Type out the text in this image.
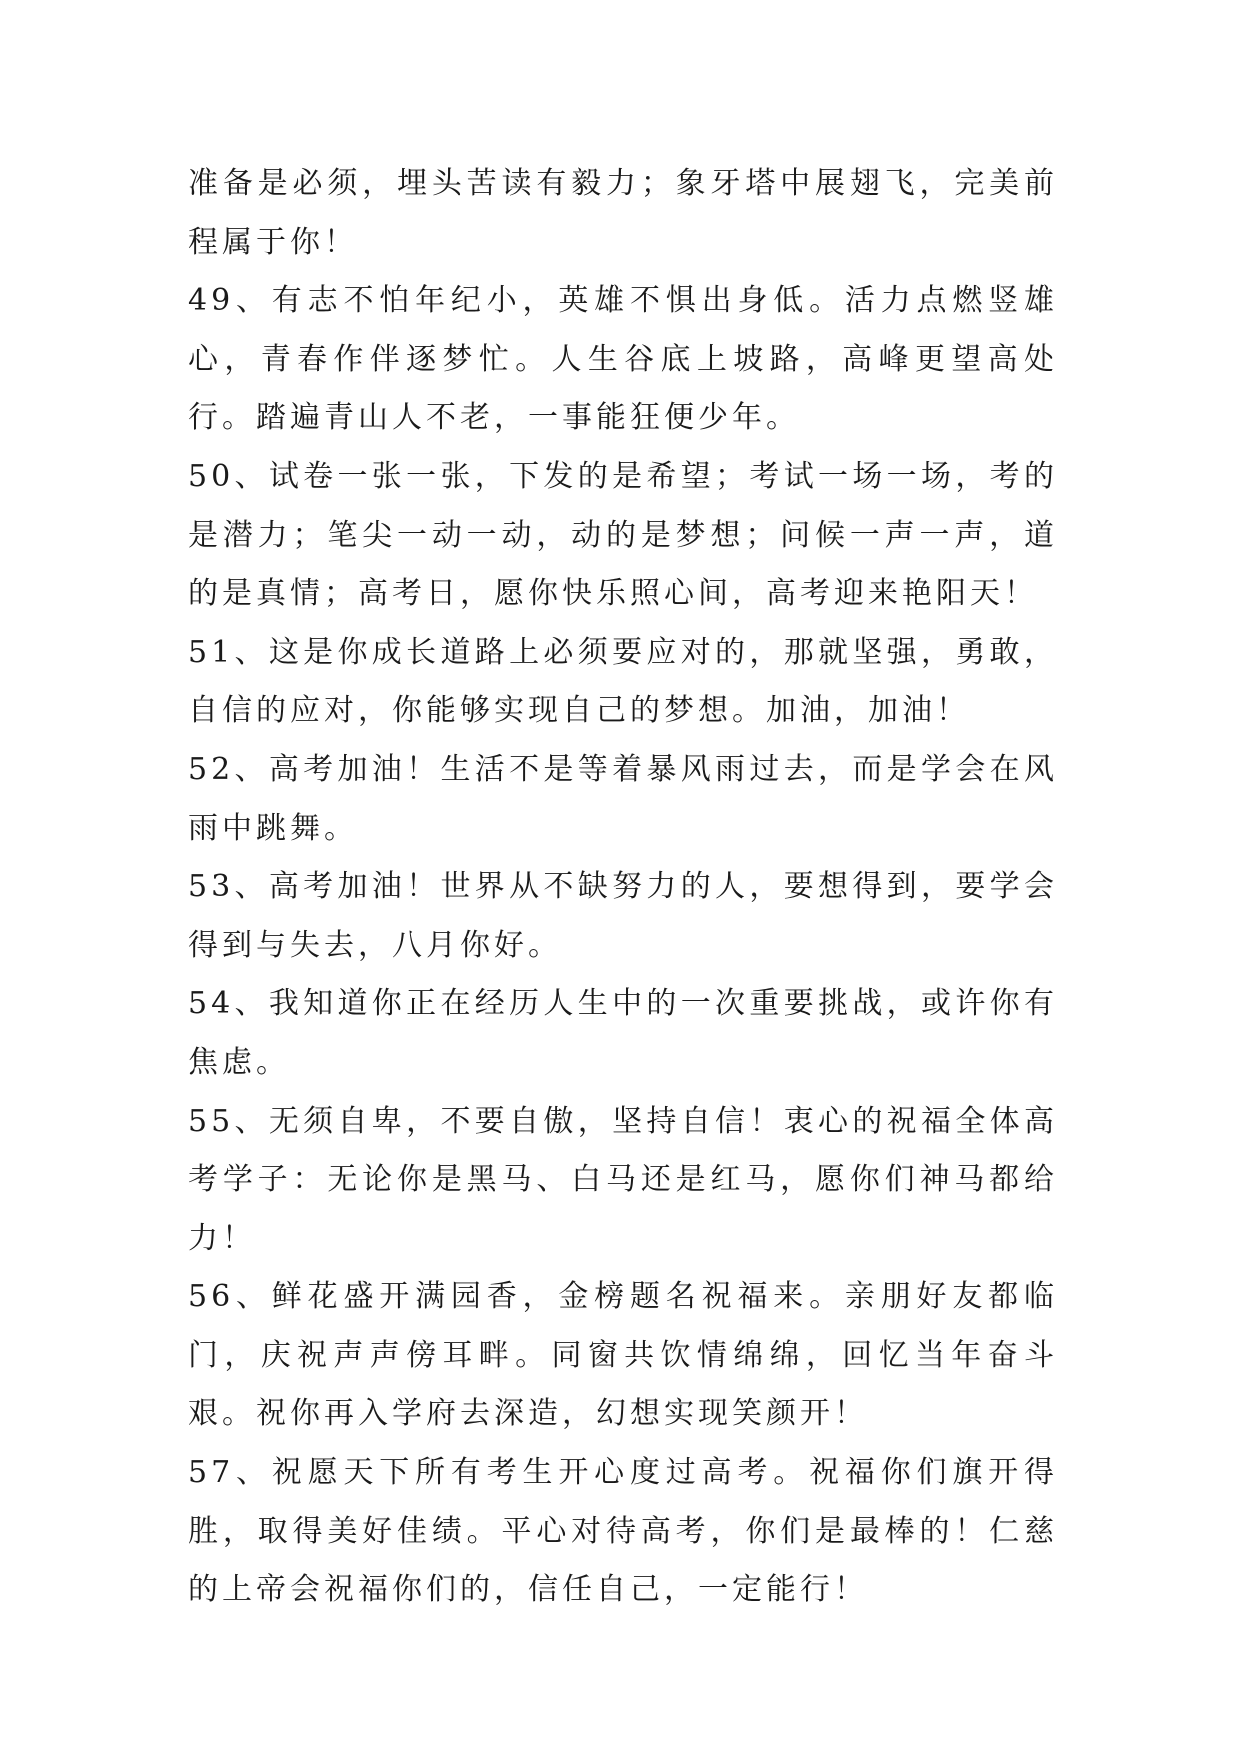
准备是必须，埋头苦读有毅力；象牙塔中展翅飞，完美前程属于你！

49、有志不怕年纪小，英雄不惧出身低。活力点燃竖雄心，青春作伴逐梦忙。人生谷底上坡路，高峰更望高处行。踏遍青山人不老，一事能狂便少年。

50、试卷一张一张，下发的是希望；考试一场一场，考的是潜力；笔尖一动一动，动的是梦想；问候一声一声，道的是真情；高考日，愿你快乐照心间，高考迎来艳阳天！

51、这是你成长道路上必须要应对的，那就坚强，勇敢，自信的应对，你能够实现自己的梦想。加油，加油！

52、高考加油！生活不是等着暴风雨过去，而是学会在风雨中跳舞。

53、高考加油！世界从不缺努力的人，要想得到，要学会得到与失去，八月你好。

54、我知道你正在经历人生中的一次重要挑战，或许你有焦虑。

55、无须自卑，不要自傲，坚持自信！衷心的祝福全体高考学子：无论你是黑马、白马还是红马，愿你们神马都给力！

56、鲜花盛开满园香，金榜题名祝福来。亲朋好友都临门，庆祝声声傍耳畔。同窗共饮情绵绵，回忆当年奋斗艰。祝你再入学府去深造，幻想实现笑颜开！

57、祝愿天下所有考生开心度过高考。祝福你们旗开得胜，取得美好佳绩。平心对待高考，你们是最棒的！仁慈的上帝会祝福你们的，信任自己，一定能行！
